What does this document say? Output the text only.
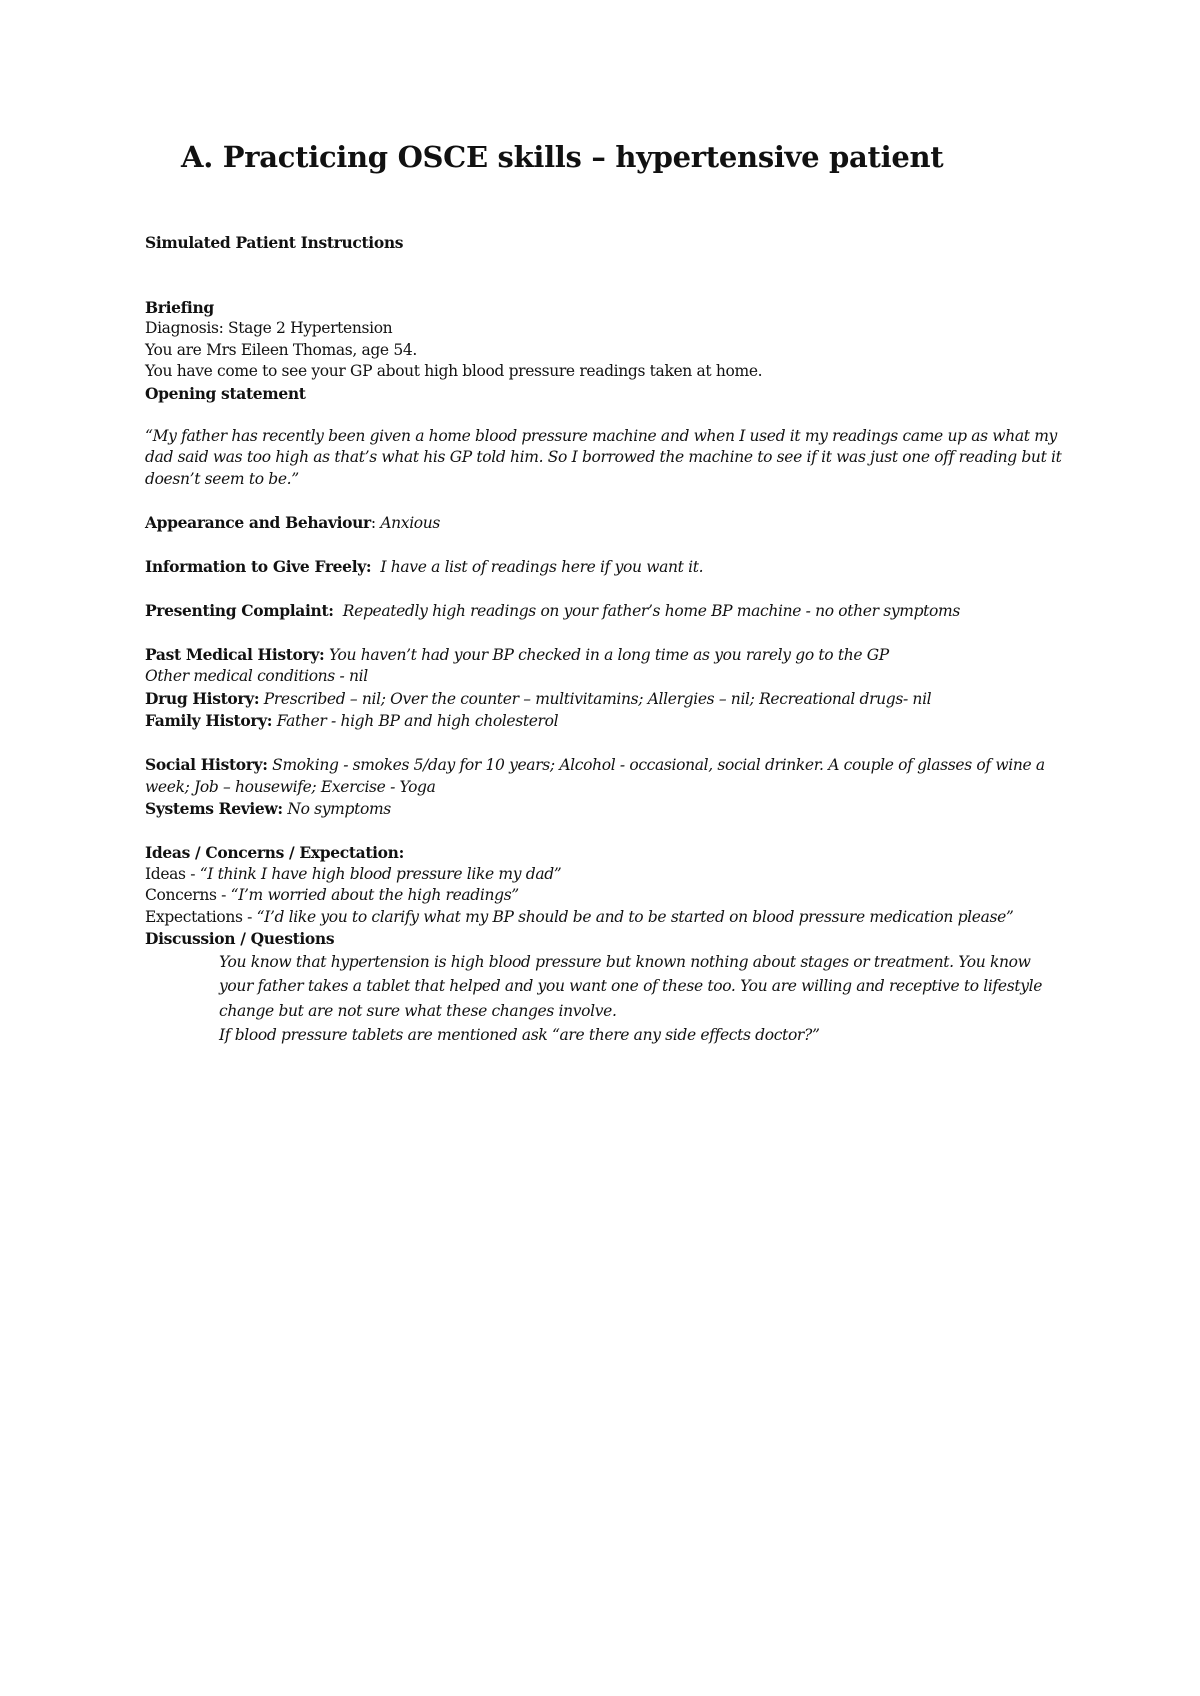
A. Practicing OSCE skills – hypertensive patient

Simulated Patient Instructions

Briefing

Diagnosis: Stage 2 Hypertension

You are Mrs Eileen Thomas, age 54.

You have come to see your GP about high blood pressure readings taken at home.

Opening statement

“My father has recently been given a home blood pressure machine and when I used it my readings came up as what my dad said was too high as that’s what his GP told him. So I borrowed the machine to see if it was just one off reading but it doesn’t seem to be.”

Appearance and Behaviour: Anxious

Information to Give Freely: I have a list of readings here if you want it.

Presenting Complaint: Repeatedly high readings on your father’s home BP machine - no other symptoms

Past Medical History: You haven’t had your BP checked in a long time as you rarely go to the GP

Other medical conditions - nil

Drug History: Prescribed – nil; Over the counter – multivitamins; Allergies – nil; Recreational drugs- nil

Family History: Father - high BP and high cholesterol

Social History: Smoking - smokes 5/day for 10 years; Alcohol - occasional, social drinker. A couple of glasses of wine a week; Job – housewife; Exercise - Yoga

Systems Review: No symptoms

Ideas / Concerns / Expectation:

Ideas - “I think I have high blood pressure like my dad”

Concerns - “I’m worried about the high readings”

Expectations - “I’d like you to clarify what my BP should be and to be started on blood pressure medication please”

Discussion / Questions

You know that hypertension is high blood pressure but known nothing about stages or treatment. You know your father takes a tablet that helped and you want one of these too. You are willing and receptive to lifestyle change but are not sure what these changes involve.

If blood pressure tablets are mentioned ask “are there any side effects doctor?”
